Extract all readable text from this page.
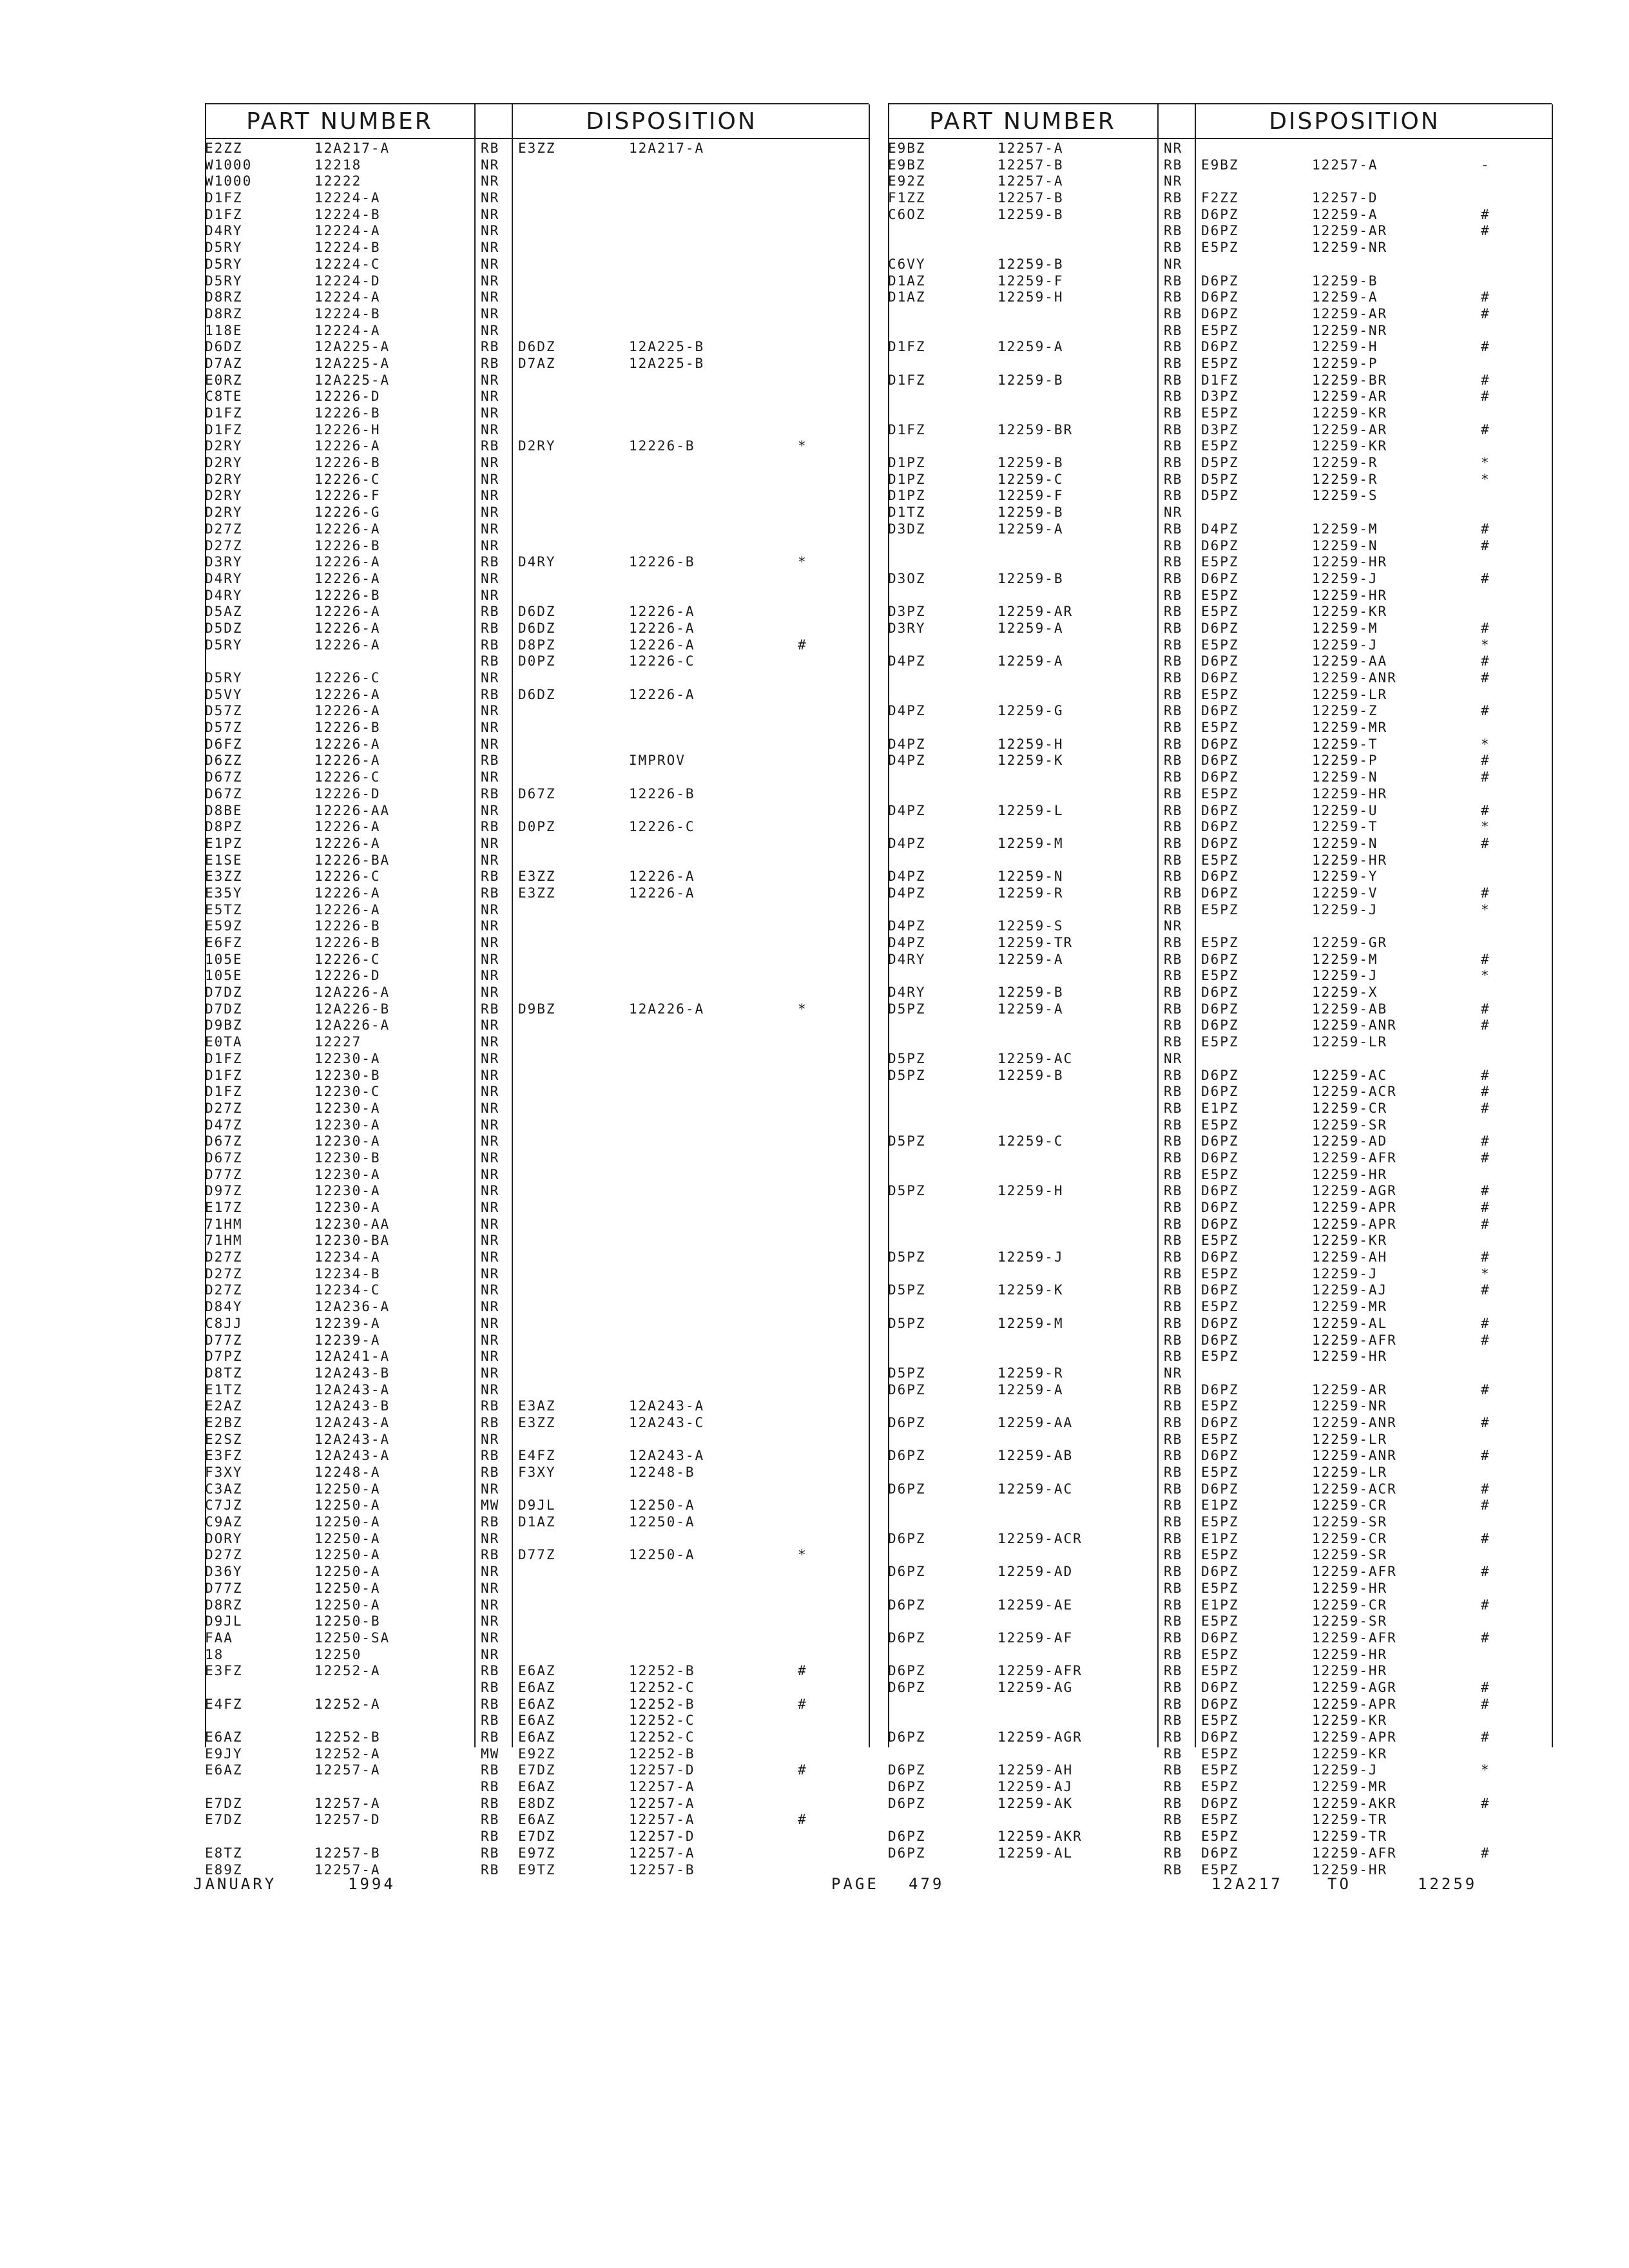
PART NUMBER	DISPOSITION
E2ZZ	12A217-A	RB E3ZZ	12A217-A
W1000	12218	NR
W1000	12222	NR
D1FZ	12224-A	NR
D1FZ	12224-B	NR
D4RY	12224-A	NR
D5RY	12224-B	NR
D5RY	12224-C	NR
D5RY	12224-D	NR
D8RZ	12224-A	NR
D8RZ	12224-B	NR
118E	12224-A	NR
D6DZ	12A225-A	RB D6DZ	12A225-B
D7AZ	12A225-A	RB D7AZ	12A225-B
E0RZ	12A225-A	NR
C8TE	12226-D	NR
D1FZ	12226-B	NR
D1FZ	12226-H	NR
D2RY	12226-A	RB D2RY	12226-B	*
D2RY	12226-B	NR
D2RY	12226-C	NR
D2RY	12226-F	NR
D2RY	12226-G	NR
D27Z	12226-A	NR
D27Z	12226-B	NR
D3RY	12226-A	RB D4RY	12226-B	*
D4RY	12226-A	NR
D4RY	12226-B	NR
D5AZ	12226-A	RB D6DZ	12226-A
D5DZ	12226-A	RB D6DZ	12226-A
D5RY	12226-A	RB D8PZ	12226-A	#
RB D0PZ	12226-C
D5RY	12226-C	NR
D5VY	12226-A	RB D6DZ	12226-A
D57Z	12226-A	NR
D57Z	12226-B	NR
D6FZ	12226-A	NR
D6ZZ	12226-A	RB	IMPROV
D67Z	12226-C	NR
D67Z	12226-D	RB D67Z	12226-B
D8BE	12226-AA	NR
D8PZ	12226-A	RB D0PZ	12226-C
E1PZ	12226-A	NR
E1SE	12226-BA	NR
E3ZZ	12226-C	RB E3ZZ	12226-A
E35Y	12226-A	RB E3ZZ	12226-A
E5TZ	12226-A	NR
E59Z	12226-B	NR
E6FZ	12226-B	NR
105E	12226-C	NR
105E	12226-D	NR
D7DZ	12A226-A	NR
D7DZ	12A226-B	RB D9BZ	12A226-A	*
D9BZ	12A226-A	NR
E0TA	12227	NR
D1FZ	12230-A	NR
D1FZ	12230-B	NR
D1FZ	12230-C	NR
D27Z	12230-A	NR
D47Z	12230-A	NR
D67Z	12230-A	NR
D67Z	12230-B	NR
D77Z	12230-A	NR
D97Z	12230-A	NR
E17Z	12230-A	NR
71HM	12230-AA	NR
71HM	12230-BA	NR
D27Z	12234-A	NR
D27Z	12234-B	NR
D27Z	12234-C	NR
D84Y	12A236-A	NR
C8JJ	12239-A	NR
D77Z	12239-A	NR
D7PZ	12A241-A	NR
D8TZ	12A243-B	NR
E1TZ	12A243-A	NR
E2AZ	12A243-B	RB E3AZ	12A243-A
E2BZ	12A243-A	RB E3ZZ	12A243-C
E2SZ	12A243-A	NR
E3FZ	12A243-A	RB E4FZ	12A243-A
F3XY	12248-A	RB F3XY	12248-B
C3AZ	12250-A	NR
C7JZ	12250-A	MW D9JL	12250-A
C9AZ	12250-A	RB D1AZ	12250-A
DORY	12250-A	NR
D27Z	12250-A	RB D77Z	12250-A	*
D36Y	12250-A	NR
D77Z	12250-A	NR
D8RZ	12250-A	NR
D9JL	12250-B	NR
FAA	12250-SA	NR
18	12250	NR
E3FZ	12252-A	RB E6AZ	12252-B	#
RB E6AZ	12252-C
E4FZ	12252-A	RB E6AZ	12252-B	#
RB E6AZ	12252-C
E6AZ	12252-B	RB E6AZ	12252-C
E9JY	12252-A	MW E92Z	12252-B
E6AZ	12257-A	RB E7DZ	12257-D	#
RB E6AZ	12257-A
E7DZ	12257-A	RB E8DZ	12257-A
E7DZ	12257-D	RB E6AZ	12257-A	#
RB E7DZ	12257-D
E8TZ	12257-B	RB E97Z	12257-A
E89Z	12257-A	RB E9TZ	12257-B
PART NUMBER	DISPOSITION
E9BZ	12257-A	NR
E9BZ	12257-B	RB E9BZ	12257-A	-
E92Z	12257-A	NR
F1ZZ	12257-B	RB F2ZZ	12257-D
C6OZ	12259-B	RB D6PZ	12259-A	#
RB D6PZ	12259-AR	#
RB E5PZ	12259-NR
C6VY	12259-B	NR
D1AZ	12259-F	RB D6PZ	12259-B
D1AZ	12259-H	RB D6PZ	12259-A	#
RB D6PZ	12259-AR	#
RB E5PZ	12259-NR
D1FZ	12259-A	RB D6PZ	12259-H	#
RB E5PZ	12259-P
D1FZ	12259-B	RB D1FZ	12259-BR	#
RB D3PZ	12259-AR	#
RB E5PZ	12259-KR
D1FZ	12259-BR	RB D3PZ	12259-AR	#
RB E5PZ	12259-KR
D1PZ	12259-B	RB D5PZ	12259-R	*
D1PZ	12259-C	RB D5PZ	12259-R	*
D1PZ	12259-F	RB D5PZ	12259-S
D1TZ	12259-B	NR
D3DZ	12259-A	RB D4PZ	12259-M	#
RB D6PZ	12259-N	#
RB E5PZ	12259-HR
D3OZ	12259-B	RB D6PZ	12259-J	#
RB E5PZ	12259-HR
D3PZ	12259-AR	RB E5PZ	12259-KR
D3RY	12259-A	RB D6PZ	12259-M	#
RB E5PZ	12259-J	*
D4PZ	12259-A	RB D6PZ	12259-AA	#
RB D6PZ	12259-ANR	#
RB E5PZ	12259-LR
D4PZ	12259-G	RB D6PZ	12259-Z	#
RB E5PZ	12259-MR
D4PZ	12259-H	RB D6PZ	12259-T	*
D4PZ	12259-K	RB D6PZ	12259-P	#
RB D6PZ	12259-N	#
RB E5PZ	12259-HR
D4PZ	12259-L	RB D6PZ	12259-U	#
RB D6PZ	12259-T	*
D4PZ	12259-M	RB D6PZ	12259-N	#
RB E5PZ	12259-HR
D4PZ	12259-N	RB D6PZ	12259-Y
D4PZ	12259-R	RB D6PZ	12259-V	#
RB E5PZ	12259-J	*
D4PZ	12259-S	NR
D4PZ	12259-TR	RB E5PZ	12259-GR
D4RY	12259-A	RB D6PZ	12259-M	#
RB E5PZ	12259-J	*
D4RY	12259-B	RB D6PZ	12259-X
D5PZ	12259-A	RB D6PZ	12259-AB	#
RB D6PZ	12259-ANR	#
RB E5PZ	12259-LR
D5PZ	12259-AC	NR
D5PZ	12259-B	RB D6PZ	12259-AC	#
RB D6PZ	12259-ACR	#
RB E1PZ	12259-CR	#
RB E5PZ	12259-SR
D5PZ	12259-C	RB D6PZ	12259-AD	#
RB D6PZ	12259-AFR	#
RB E5PZ	12259-HR
D5PZ	12259-H	RB D6PZ	12259-AGR	#
RB D6PZ	12259-APR	#
RB D6PZ	12259-APR	#
RB E5PZ	12259-KR
D5PZ	12259-J	RB D6PZ	12259-AH	#
RB E5PZ	12259-J	*
D5PZ	12259-K	RB D6PZ	12259-AJ	#
RB E5PZ	12259-MR
D5PZ	12259-M	RB D6PZ	12259-AL	#
RB D6PZ	12259-AFR	#
RB E5PZ	12259-HR
D5PZ	12259-R	NR
D6PZ	12259-A	RB D6PZ	12259-AR	#
RB E5PZ	12259-NR
D6PZ	12259-AA	RB D6PZ	12259-ANR	#
RB E5PZ	12259-LR
D6PZ	12259-AB	RB D6PZ	12259-ANR	#
RB E5PZ	12259-LR
D6PZ	12259-AC	RB D6PZ	12259-ACR	#
RB E1PZ	12259-CR	#
RB E5PZ	12259-SR
D6PZ	12259-ACR	RB E1PZ	12259-CR	#
RB E5PZ	12259-SR
D6PZ	12259-AD	RB D6PZ	12259-AFR	#
RB E5PZ	12259-HR
D6PZ	12259-AE	RB E1PZ	12259-CR	#
RB E5PZ	12259-SR
D6PZ	12259-AF	RB D6PZ	12259-AFR	#
RB E5PZ	12259-HR
D6PZ	12259-AFR	RB E5PZ	12259-HR
D6PZ	12259-AG	RB D6PZ	12259-AGR	#
RB D6PZ	12259-APR	#
RB E5PZ	12259-KR
D6PZ	12259-AGR	RB D6PZ	12259-APR	#
RB E5PZ	12259-KR
D6PZ	12259-AH	RB E5PZ	12259-J	*
D6PZ	12259-AJ	RB E5PZ	12259-MR
D6PZ	12259-AK	RB D6PZ	12259-AKR	#
RB E5PZ	12259-TR
D6PZ	12259-AKR	RB E5PZ	12259-TR
D6PZ	12259-AL	RB D6PZ	12259-AFR	#
RB E5PZ	12259-HR
JANUARY	1994	PAGE 479	12A217	TO	12259
